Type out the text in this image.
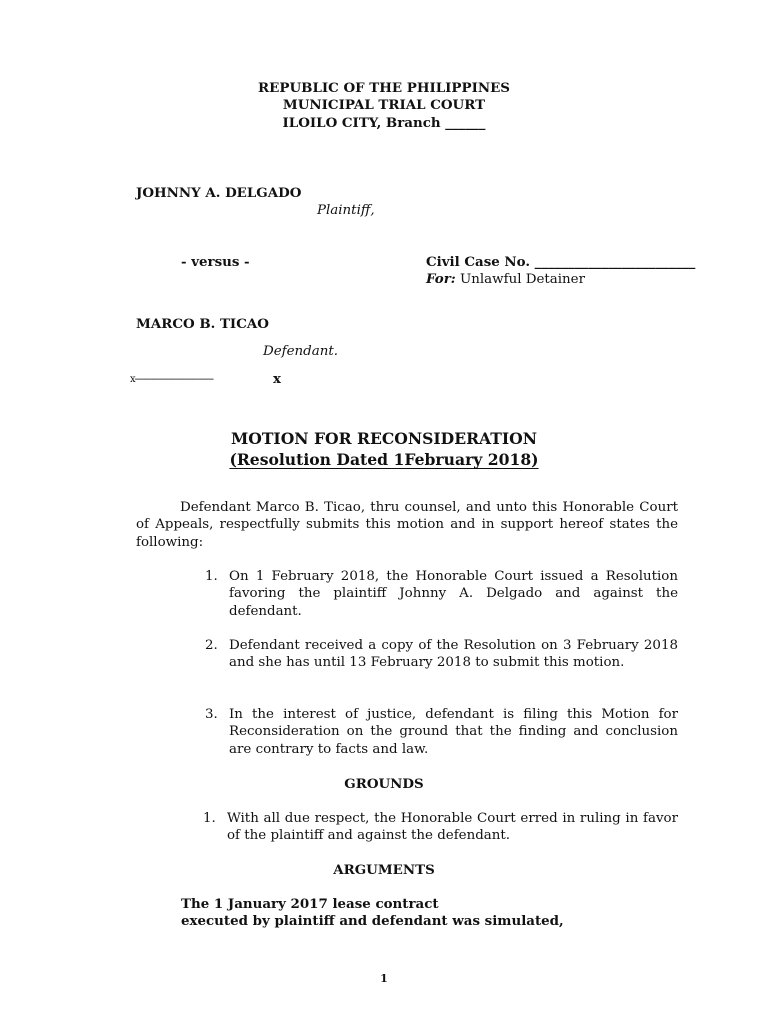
REPUBLIC OF THE PHILIPPINES
MUNICIPAL TRIAL COURT
ILOILO CITY, Branch ______
JOHNNY A. DELGADO
Plaintiff,
- versus -	Civil Case No. ________________________
For: Unlawful Detainer
MARCO B. TICAO
Defendant.
x---------------------------------	x
MOTION FOR RECONSIDERATION
(Resolution Dated 1February 2018)
Defendant Marco B. Ticao, thru counsel, and unto this Honorable Court of Appeals, respectfully submits this motion and in support hereof states the following:
1. On 1 February 2018, the Honorable Court issued a Resolution favoring the plaintiff Johnny A. Delgado and against the defendant.
2. Defendant received a copy of the Resolution on 3 February 2018 and she has until 13 February 2018 to submit this motion.
3. In the interest of justice, defendant is filing this Motion for Reconsideration on the ground that the finding and conclusion are contrary to facts and law.
GROUNDS
1. With all due respect, the Honorable Court erred in ruling in favor of the plaintiff and against the defendant.
ARGUMENTS
The 1 January 2017 lease contract
executed by plaintiff and defendant was simulated,
1
